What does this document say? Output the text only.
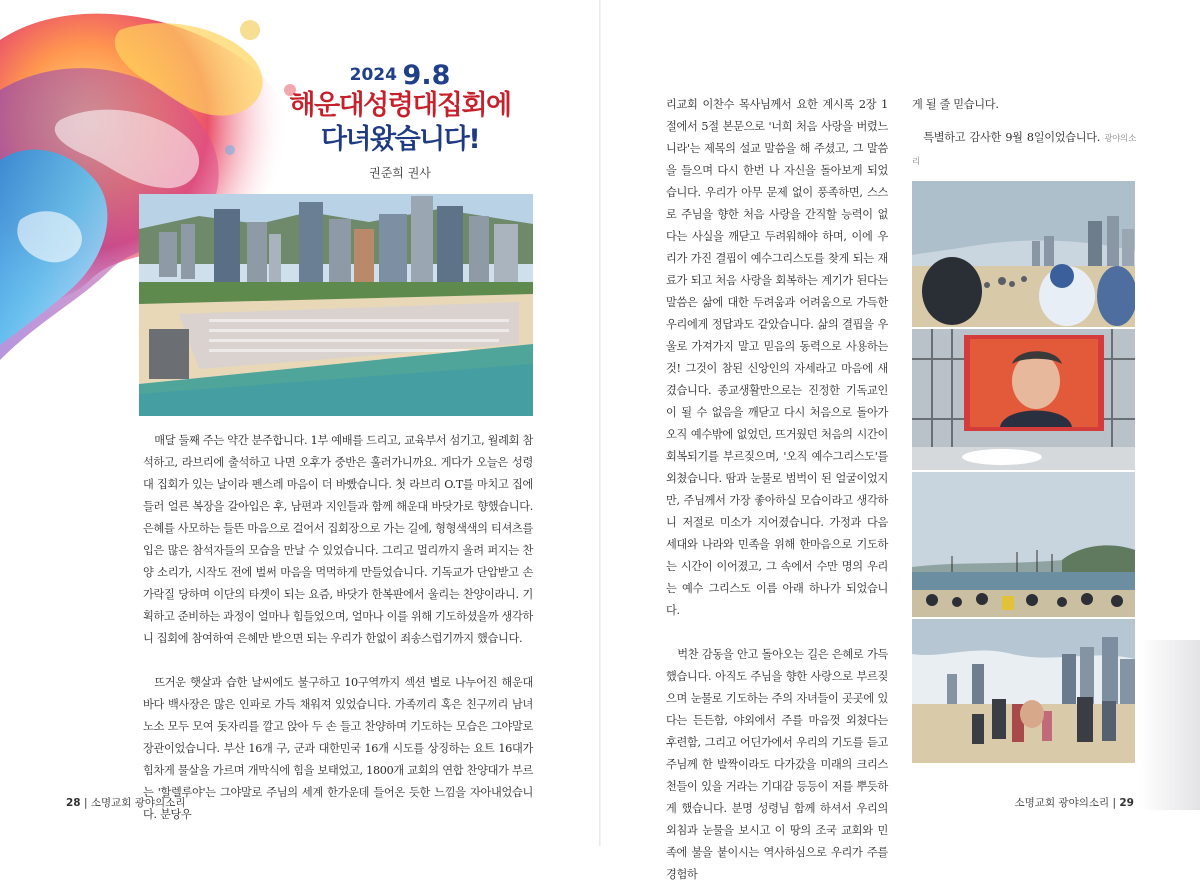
2024 9.8
해운대성령대집회에
다녀왔습니다!
권준희 권사

매달 둘째 주는 약간 분주합니다. 1부 예배를 드리고, 교육부서 섬기고, 월례회 참석하고, 라브리에 출석하고 나면 오후가 중반은 훌러가니까요. 게다가 오늘은 성령대 집회가 있는 날이라 펜스레 마음이 더 바빴습니다. 첫 라브리 O.T를 마치고 집에 들러 얼른 복장을 갈아입은 후, 남편과 지인들과 함께 해운대 바닷가로 향했습니다. 은혜를 사모하는 들뜬 마음으로 걸어서 집회장으로 가는 길에, 형형색색의 티셔츠를 입은 많은 참석자들의 모습을 만날 수 있었습니다. 그리고 멀리까지 울려 퍼지는 찬양 소리가, 시작도 전에 벌써 마음을 먹먹하게 만들었습니다. 기독교가 단압받고 손가락질 당하며 이단의 타겟이 되는 요즘, 바닷가 한복판에서 울리는 찬양이라니. 기획하고 준비하는 과정이 얼마나 힘들었으며, 얼마나 이를 위해 기도하셨을까 생각하니 집회에 참여하여 은혜만 받으면 되는 우리가 한없이 죄송스럽기까지 했습니다.

뜨거운 햇살과 습한 날씨에도 불구하고 10구역까지 섹션 별로 나누어진 해운대 바다 백사장은 많은 인파로 가득 채워져 있었습니다. 가족끼리 혹은 친구끼리 남녀노소 모두 모여 돗자리를 깔고 앉아 두 손 들고 찬양하며 기도하는 모습은 그야말로 장관이었습니다. 부산 16개 구, 군과 대한민국 16개 시도를 상징하는 요트 16대가 힘차게 물살을 가르며 개막식에 힘을 보태었고, 1800개 교회의 연합 찬양대가 부르는 '할렐루야'는 그야말로 주님의 세계 한가운데 들어온 듯한 느낌을 자아내었습니다. 분당우

리교회 이찬수 목사님께서 요한 계시록 2장 1절에서 5절 본문으로 '너희 처음 사랑을 버렸느니라'는 제목의 설교 말씀을 해 주셨고, 그 말씀을 들으며 다시 한번 나 자신을 돌아보게 되었습니다. 우리가 아무 문제 없이 풍족하면, 스스로 주님을 향한 처음 사랑을 간직할 능력이 없다는 사실을 깨닫고 두려워해야 하며, 이에 우리가 가진 결핍이 예수그리스도를 찾게 되는 재료가 되고 처음 사랑을 회복하는 계기가 된다는 말씀은 삶에 대한 두려움과 어려움으로 가득한 우리에게 정답과도 같았습니다. 삶의 결핍을 우울로 가져가지 말고 믿음의 동력으로 사용하는 것! 그것이 참된 신앙인의 자세라고 마음에 새겼습니다. 종교생활만으로는 진정한 기독교인이 될 수 없음을 깨닫고 다시 처음으로 돌아가 오직 예수밖에 없었던, 뜨거웠던 처음의 시간이 회복되기를 부르짖으며, '오직 예수그리스도'를 외쳤습니다. 땀과 눈물로 범벅이 된 얼굴이었지만, 주님께서 가장 좋아하실 모습이라고 생각하니 저절로 미소가 지어졌습니다. 가정과 다음 세대와 나라와 민족을 위해 한마음으로 기도하는 시간이 이어졌고, 그 속에서 수만 명의 우리는 예수 그리스도 이름 아래 하나가 되었습니다.

벅찬 감동을 안고 돌아오는 길은 은혜로 가득했습니다. 아직도 주님을 향한 사랑으로 부르짖으며 눈물로 기도하는 주의 자녀들이 곳곳에 있다는 든든함, 야외에서 주를 마음껏 외쳤다는 후련함, 그리고 어딘가에서 우리의 기도를 듣고 주님께 한 발짝이라도 다가갔을 미래의 크리스천들이 있을 거라는 기대감 등등이 저를 뿌듯하게 했습니다. 분명 성령님 함께 하셔서 우리의 외침과 눈물을 보시고 이 땅의 조국 교회와 민족에 불을 붙이시는 역사하심으로 우리가 주를 경험하

게 될 줄 믿습니다.

특별하고 감사한 9월 8일이었습니다. 광야의소리

28 | 소명교회 광야의소리	소명교회 광야의소리 | 29
